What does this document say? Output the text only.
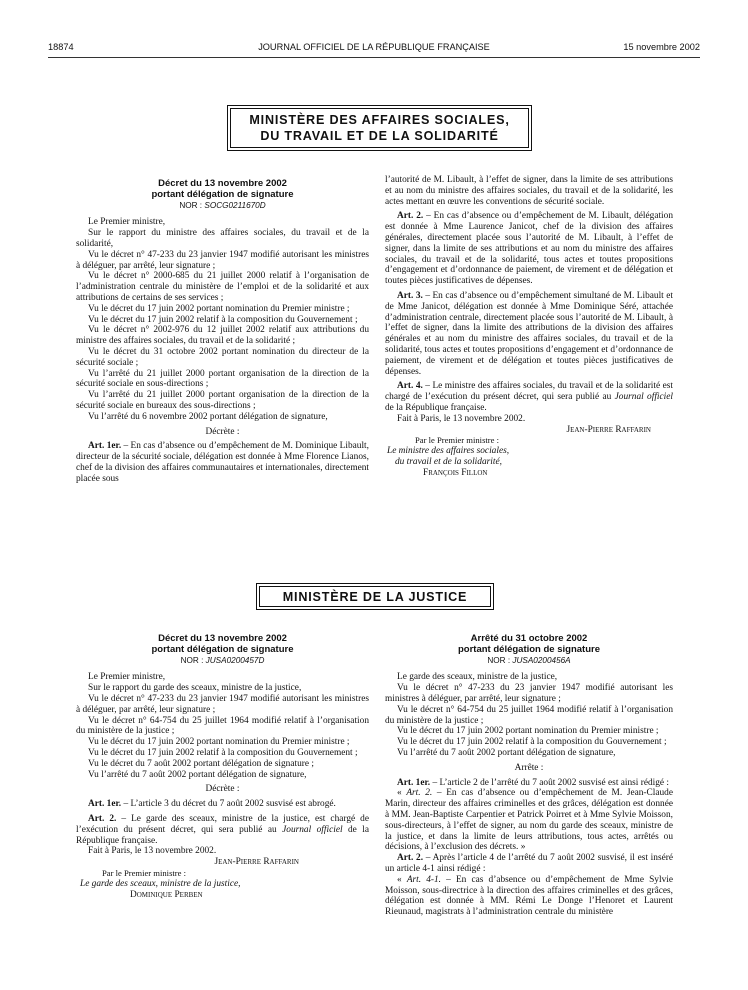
18874	JOURNAL OFFICIEL DE LA RÉPUBLIQUE FRANÇAISE	15 novembre 2002
MINISTÈRE DES AFFAIRES SOCIALES,
DU TRAVAIL ET DE LA SOLIDARITÉ
Décret du 13 novembre 2002
portant délégation de signature
NOR : SOCG0211670D

Le Premier ministre,

Sur le rapport du ministre des affaires sociales, du travail et de la solidarité,

Vu le décret n° 47-233 du 23 janvier 1947 modifié autorisant les ministres à déléguer, par arrêté, leur signature ;

Vu le décret n° 2000-685 du 21 juillet 2000 relatif à l’organisation de l’administration centrale du ministère de l’emploi et de la solidarité et aux attributions de certains de ses services ;

Vu le décret du 17 juin 2002 portant nomination du Premier ministre ;

Vu le décret du 17 juin 2002 relatif à la composition du Gouvernement ;

Vu le décret n° 2002-976 du 12 juillet 2002 relatif aux attributions du ministre des affaires sociales, du travail et de la solidarité ;

Vu le décret du 31 octobre 2002 portant nomination du directeur de la sécurité sociale ;

Vu l’arrêté du 21 juillet 2000 portant organisation de la direction de la sécurité sociale en sous-directions ;

Vu l’arrêté du 21 juillet 2000 portant organisation de la direction de la sécurité sociale en bureaux des sous-directions ;

Vu l’arrêté du 6 novembre 2002 portant délégation de signature,

Décrète :

Art. 1er. – En cas d’absence ou d’empêchement de M. Dominique Libault, directeur de la sécurité sociale, délégation est donnée à Mme Florence Lianos, chef de la division des affaires communautaires et internationales, directement placée sous

MINISTÈRE DE LA JUSTICE
Décret du 13 novembre 2002
portant délégation de signature
NOR : JUSA0200457D

Le Premier ministre,

Sur le rapport du garde des sceaux, ministre de la justice,

Vu le décret n° 47-233 du 23 janvier 1947 modifié autorisant les ministres à déléguer, par arrêté, leur signature ;

Vu le décret n° 64-754 du 25 juillet 1964 modifié relatif à l’organisation du ministère de la justice ;

Vu le décret du 17 juin 2002 portant nomination du Premier ministre ;

Vu le décret du 17 juin 2002 relatif à la composition du Gouvernement ;

Vu le décret du 7 août 2002 portant délégation de signature ;

Vu l’arrêté du 7 août 2002 portant délégation de signature,

Décrète :

Art. 1er. – L’article 3 du décret du 7 août 2002 susvisé est abrogé.

Art. 2. – Le garde des sceaux, ministre de la justice, est chargé de l’exécution du présent décret, qui sera publié au Journal officiel de la République française.

Fait à Paris, le 13 novembre 2002.

Jean-Pierre Raffarin

Par le Premier ministre :

Le garde des sceaux, ministre de la justice,

Dominique Perben

Arrêté du 31 octobre 2002
portant délégation de signature
NOR : JUSA0200456A

Le garde des sceaux, ministre de la justice,

Vu le décret n° 47-233 du 23 janvier 1947 modifié autorisant les ministres à déléguer, par arrêté, leur signature ;

Vu le décret n° 64-754 du 25 juillet 1964 modifié relatif à l’organisation du ministère de la justice ;

Vu le décret du 17 juin 2002 portant nomination du Premier ministre ;

Vu le décret du 17 juin 2002 relatif à la composition du Gouvernement ;

Vu l’arrêté du 7 août 2002 portant délégation de signature,

Arrête :

Art. 1er. – L’article 2 de l’arrêté du 7 août 2002 susvisé est ainsi rédigé :

« Art. 2. – En cas d’absence ou d’empêchement de M. Jean-Claude Marin, directeur des affaires criminelles et des grâces, délégation est donnée à MM. Jean-Baptiste Carpentier et Patrick Poirret et à Mme Sylvie Moisson, sous-directeurs, à l’effet de signer, au nom du garde des sceaux, ministre de la justice, et dans la limite de leurs attributions, tous actes, arrêtés ou décisions, à l’exclusion des décrets. »

Art. 2. – Après l’article 4 de l’arrêté du 7 août 2002 susvisé, il est inséré un article 4-1 ainsi rédigé :

« Art. 4-1. – En cas d’absence ou d’empêchement de Mme Sylvie Moisson, sous-directrice à la direction des affaires criminelles et des grâces, délégation est donnée à MM. Rémi Le Donge l’Henoret et Laurent Rieunaud, magistrats à l’administration centrale du ministère

l’autorité de M. Libault, à l’effet de signer, dans la limite de ses attributions et au nom du ministre des affaires sociales, du travail et de la solidarité, les actes mettant en œuvre les conventions de sécurité sociale.

Art. 2. – En cas d’absence ou d’empêchement de M. Libault, délégation est donnée à Mme Laurence Janicot, chef de la division des affaires générales, directement placée sous l’autorité de M. Libault, à l’effet de signer, dans la limite de ses attributions et au nom du ministre des affaires sociales, du travail et de la solidarité, tous actes et toutes propositions d’engagement et d’ordonnance de paiement, de virement et de délégation et toutes pièces justificatives de dépenses.

Art. 3. – En cas d’absence ou d’empêchement simultané de M. Libault et de Mme Janicot, délégation est donnée à Mme Dominique Séré, attachée d’administration centrale, directement placée sous l’autorité de M. Libault, à l’effet de signer, dans la limite des attributions de la division des affaires générales et au nom du ministre des affaires sociales, du travail et de la solidarité, tous actes et toutes propositions d’engagement et d’ordonnance de paiement, de virement et de délégation et toutes pièces justificatives de dépenses.

Art. 4. – Le ministre des affaires sociales, du travail et de la solidarité est chargé de l’exécution du présent décret, qui sera publié au Journal officiel de la République française.

Fait à Paris, le 13 novembre 2002.

Jean-Pierre Raffarin

Par le Premier ministre :

Le ministre des affaires sociales,

du travail et de la solidarité,

François Fillon
